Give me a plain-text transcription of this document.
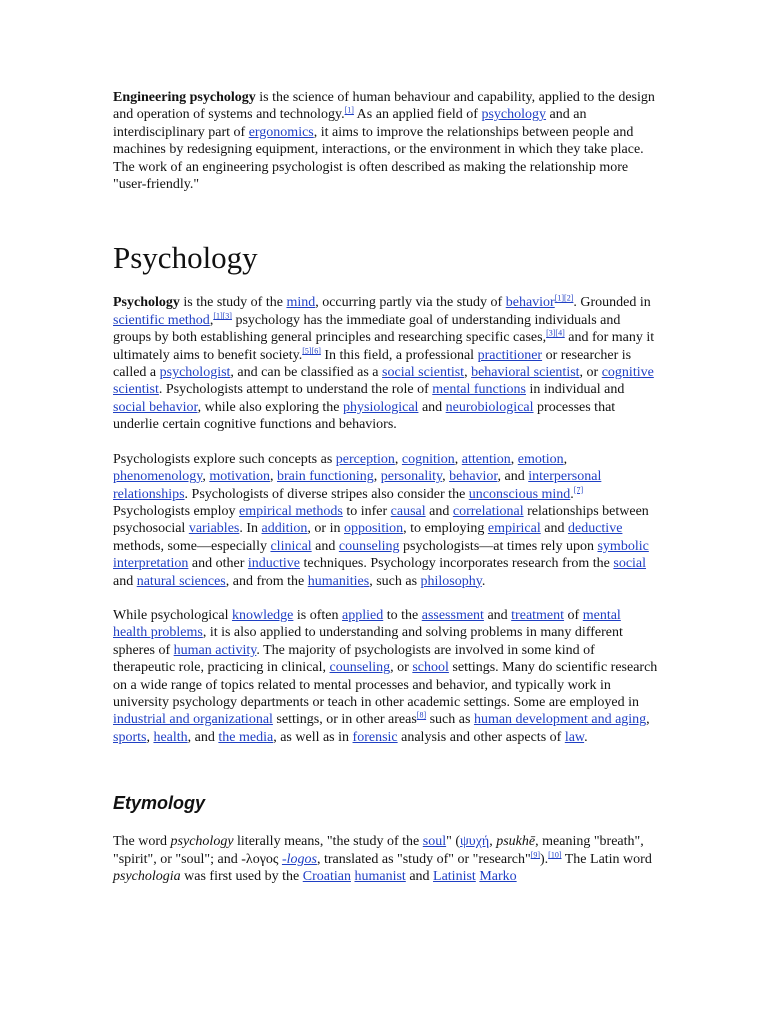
Engineering psychology is the science of human behaviour and capability, applied to the design and operation of systems and technology.[1] As an applied field of psychology and an interdisciplinary part of ergonomics, it aims to improve the relationships between people and machines by redesigning equipment, interactions, or the environment in which they take place. The work of an engineering psychologist is often described as making the relationship more "user-friendly."

Psychology

Psychology is the study of the mind, occurring partly via the study of behavior[1][2]. Grounded in scientific method,[1][3] psychology has the immediate goal of understanding individuals and groups by both establishing general principles and researching specific cases,[3][4] and for many it ultimately aims to benefit society.[5][6] In this field, a professional practitioner or researcher is called a psychologist, and can be classified as a social scientist, behavioral scientist, or cognitive scientist. Psychologists attempt to understand the role of mental functions in individual and social behavior, while also exploring the physiological and neurobiological processes that underlie certain cognitive functions and behaviors.

Psychologists explore such concepts as perception, cognition, attention, emotion, phenomenology, motivation, brain functioning, personality, behavior, and interpersonal relationships. Psychologists of diverse stripes also consider the unconscious mind.[7] Psychologists employ empirical methods to infer causal and correlational relationships between psychosocial variables. In addition, or in opposition, to employing empirical and deductive methods, some—especially clinical and counseling psychologists—at times rely upon symbolic interpretation and other inductive techniques. Psychology incorporates research from the social and natural sciences, and from the humanities, such as philosophy.

While psychological knowledge is often applied to the assessment and treatment of mental health problems, it is also applied to understanding and solving problems in many different spheres of human activity. The majority of psychologists are involved in some kind of therapeutic role, practicing in clinical, counseling, or school settings. Many do scientific research on a wide range of topics related to mental processes and behavior, and typically work in university psychology departments or teach in other academic settings. Some are employed in industrial and organizational settings, or in other areas[8] such as human development and aging, sports, health, and the media, as well as in forensic analysis and other aspects of law.

Etymology

The word psychology literally means, "the study of the soul" (ψυχή, psukhē, meaning "breath", "spirit", or "soul"; and -λογος -logos, translated as "study of" or "research"[9]).[10] The Latin word psychologia was first used by the Croatian humanist and Latinist Marko
